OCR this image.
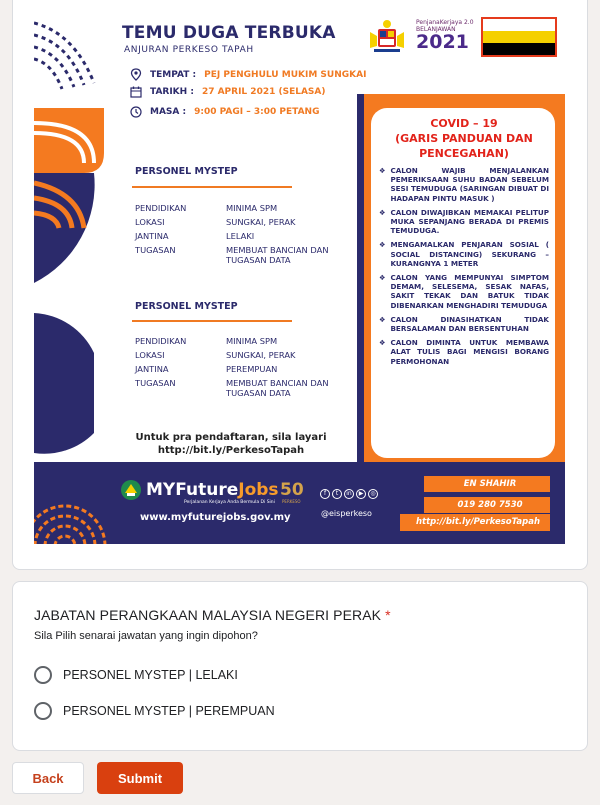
TEMU DUGA TERBUKA
ANJURAN PERKESO TAPAH
PenjanaKerjaya 2.0
BELANJAWAN
2021
TEMPAT : PEJ PENGHULU MUKIM SUNGKAI
TARIKH : 27 APRIL 2021 (SELASA)
MASA : 9:00 PAGI – 3:00 PETANG
PERSONEL MYSTEP
PENDIDIKAN	MINIMA SPM
LOKASI	SUNGKAI, PERAK
JANTINA	LELAKI
TUGASAN	MEMBUAT BANCIAN DAN TUGASAN DATA
PERSONEL MYSTEP
PENDIDIKAN	MINIMA SPM
LOKASI	SUNGKAI, PERAK
JANTINA	PEREMPUAN
TUGASAN	MEMBUAT BANCIAN DAN TUGASAN DATA
Untuk pra pendaftaran, sila layari http://bit.ly/PerkesoTapah
COVID – 19
(GARIS PANDUAN DAN PENCEGAHAN)
❖ CALON WAJIB MENJALANKAN PEMERIKSAAN SUHU BADAN SEBELUM SESI TEMUDUGA (SARINGAN DIBUAT DI HADAPAN PINTU MASUK )
❖ CALON DIWAJIBKAN MEMAKAI PELITUP MUKA SEPANJANG BERADA DI PREMIS TEMUDUGA.
❖ MENGAMALKAN PENJARAN SOSIAL ( SOCIAL DISTANCING) SEKURANG – KURANGNYA 1 METER
❖ CALON YANG MEMPUNYAI SIMPTOM DEMAM, SELESEMA, SESAK NAFAS, SAKIT TEKAK DAN BATUK TIDAK DIBENARKAN MENGHADIRI TEMUDUGA
❖ CALON DINASIHATKAN TIDAK BERSALAMAN DAN BERSENTUHAN
❖ CALON DIMINTA UNTUK MEMBAWA ALAT TULIS BAGI MENGISI BORANG PERMOHONAN
MYFutureJobs
Perjalanan Kerjaya Anda Bermula Di Sini
50
PERKESO
www.myfuturejobs.gov.my
f	t	in	▶	◎
@eisperkeso
EN SHAHIR
019 280 7530
http://bit.ly/PerkesoTapah
JABATAN PERANGKAAN MALAYSIA NEGERI PERAK *
Sila Pilih senarai jawatan yang ingin dipohon?
PERSONEL MYSTEP | LELAKI
PERSONEL MYSTEP | PEREMPUAN
Back	Submit
